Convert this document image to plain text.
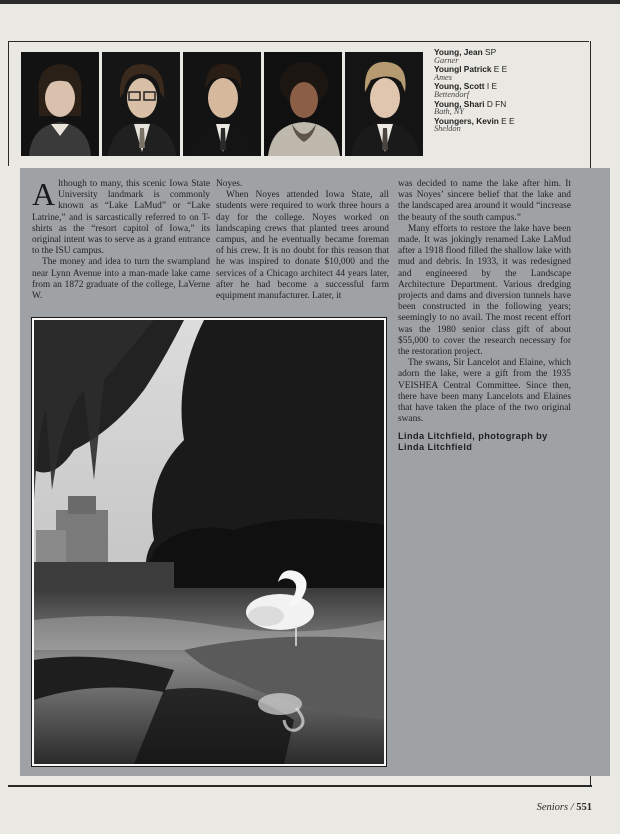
Young, Jean SP
Garner
Youngl Patrick E E
Ames
Young, Scott I E
Bettendorf
Young, Shari D FN
Bath, NY
Youngers, Kevin E E
Sheldon

Although to many, this scenic Iowa State University landmark is commonly known as “Lake LaMud” or “Lake Latrine,” and is sarcastically referred to on T-shirts as the “resort capitol of Iowa,” its original intent was to serve as a grand entrance to the ISU campus.

The money and idea to turn the swampland near Lynn Avenue into a man-made lake came from an 1872 graduate of the college, LaVerne W.

Noyes.

When Noyes attended Iowa State, all students were required to work three hours a day for the college. Noyes worked on landscaping crews that planted trees around campus, and he eventually became foreman of his crew. It is no doubt for this reason that he was inspired to donate $10,000 and the services of a Chicago architect 44 years later, after he had become a successful farm equipment manufacturer. Later, it

was decided to name the lake after him. It was Noyes’ sincere belief that the lake and the landscaped area around it would “increase the beauty of the south campus.”

Many efforts to restore the lake have been made. It was jokingly renamed Lake LaMud after a 1918 flood filled the shallow lake with mud and debris. In 1933, it was redesigned and engineered by the Landscape Architecture Department. Various dredging projects and dams and diversion tunnels have been constructed in the following years; seemingly to no avail. The most recent effort was the 1980 senior class gift of about $55,000 to cover the research necessary for the restoration project.

The swans, Sir Lancelot and Elaine, which adorn the lake, were a gift from the 1935 VEISHEA Central Committee. Since then, there have been many Lancelots and Elaines that have taken the place of the two original swans.

Linda Litchfield, photograph by Linda Litchfield

Seniors / 551
